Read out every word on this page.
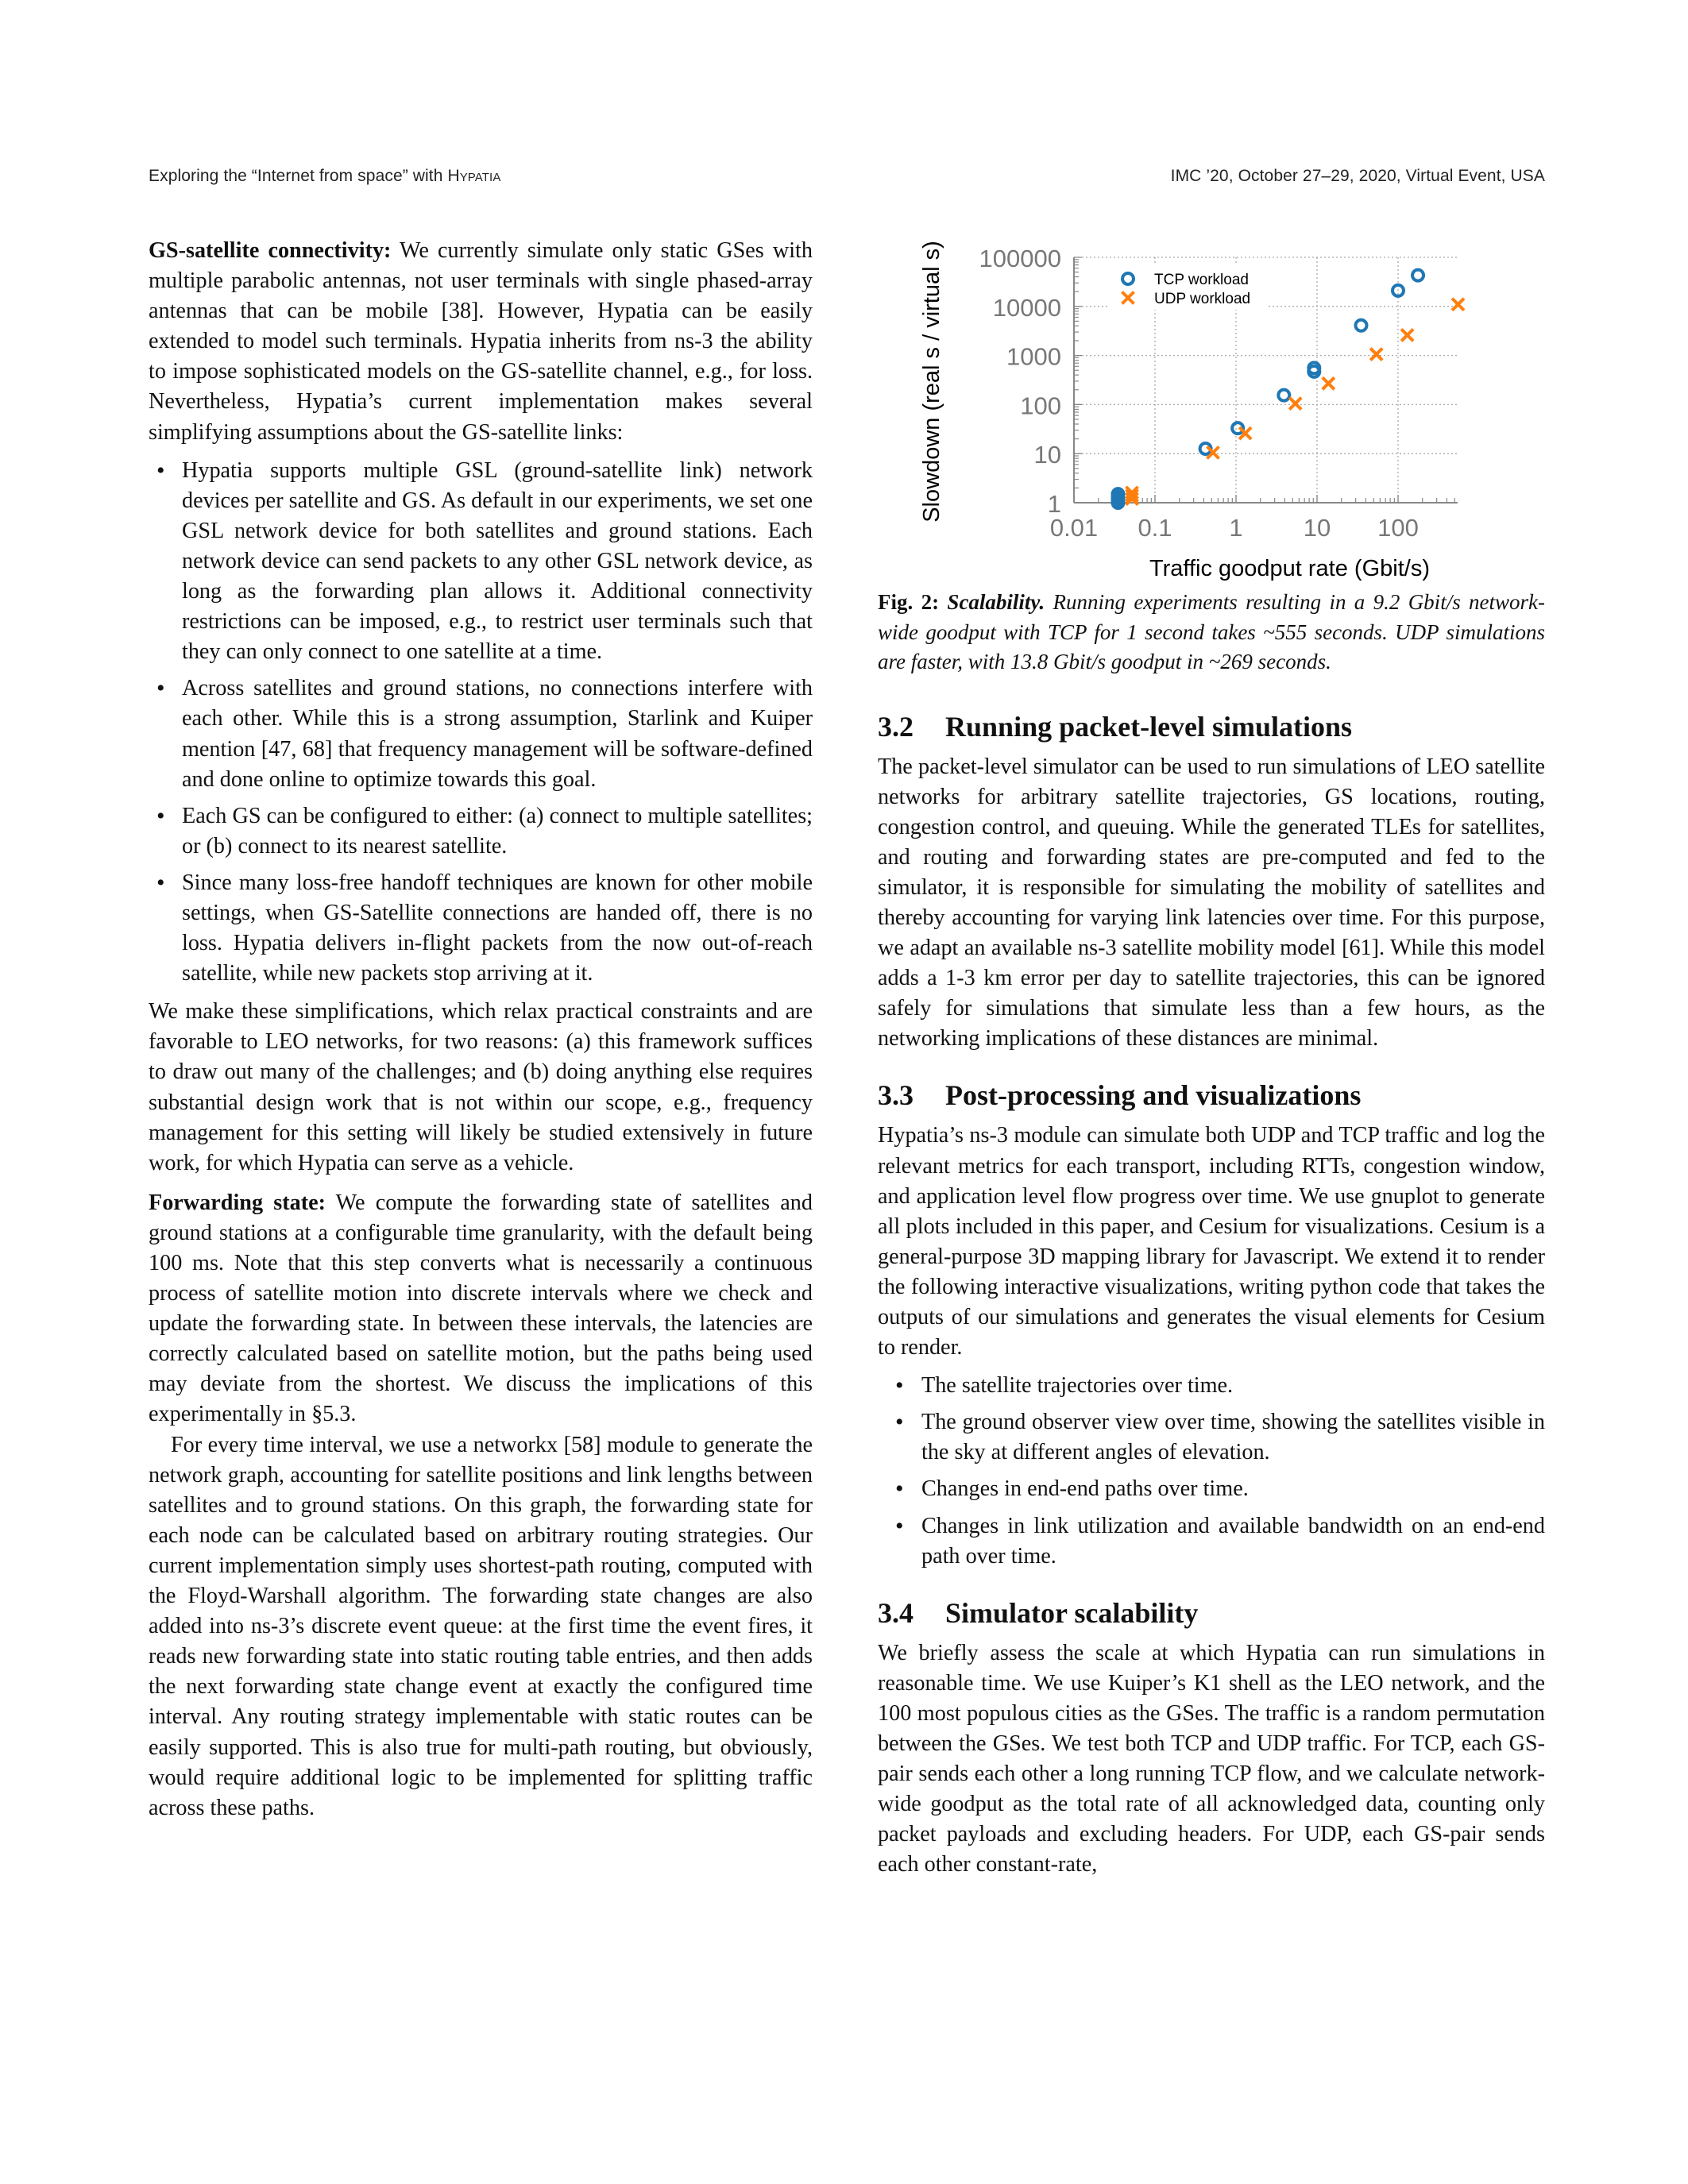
Exploring the “Internet from space” with Hypatia	IMC ’20, October 27–29, 2020, Virtual Event, USA

GS-satellite connectivity: We currently simulate only static GSes with multiple parabolic antennas, not user terminals with single phased-array antennas that can be mobile [38]. However, Hypatia can be easily extended to model such terminals. Hypatia inherits from ns-3 the ability to impose sophisticated models on the GS-satellite channel, e.g., for loss. Nevertheless, Hypatia’s current implementation makes several simplifying assumptions about the GS-satellite links:

• Hypatia supports multiple GSL (ground-satellite link) network devices per satellite and GS. As default in our experiments, we set one GSL network device for both satellites and ground stations. Each network device can send packets to any other GSL network device, as long as the forwarding plan allows it. Additional connectivity restrictions can be imposed, e.g., to restrict user terminals such that they can only connect to one satellite at a time.
• Across satellites and ground stations, no connections interfere with each other. While this is a strong assumption, Starlink and Kuiper mention [47, 68] that frequency management will be software-defined and done online to optimize towards this goal.
• Each GS can be configured to either: (a) connect to multiple satellites; or (b) connect to its nearest satellite.
• Since many loss-free handoff techniques are known for other mobile settings, when GS-Satellite connections are handed off, there is no loss. Hypatia delivers in-flight packets from the now out-of-reach satellite, while new packets stop arriving at it.

We make these simplifications, which relax practical constraints and are favorable to LEO networks, for two reasons: (a) this framework suffices to draw out many of the challenges; and (b) doing anything else requires substantial design work that is not within our scope, e.g., frequency management for this setting will likely be studied extensively in future work, for which Hypatia can serve as a vehicle.

Forwarding state: We compute the forwarding state of satellites and ground stations at a configurable time granularity, with the default being 100 ms. Note that this step converts what is necessarily a continuous process of satellite motion into discrete intervals where we check and update the forwarding state. In between these intervals, the latencies are correctly calculated based on satellite motion, but the paths being used may deviate from the shortest. We discuss the implications of this experimentally in §5.3.

For every time interval, we use a networkx [58] module to generate the network graph, accounting for satellite positions and link lengths between satellites and to ground stations. On this graph, the forwarding state for each node can be calculated based on arbitrary routing strategies. Our current implementation simply uses shortest-path routing, computed with the Floyd-Warshall algorithm. The forwarding state changes are also added into ns-3’s discrete event queue: at the first time the event fires, it reads new forwarding state into static routing table entries, and then adds the next forwarding state change event at exactly the configured time interval. Any routing strategy implementable with static routes can be easily supported. This is also true for multi-path routing, but obviously, would require additional logic to be implemented for splitting traffic across these paths.

1
10
100
1000
10000
100000
0.01 0.1 1 10 100
Traffic goodput rate (Gbit/s)
Slowdown (real s / virtual s)	TCP workload
UDP workload

Fig. 2: Scalability. Running experiments resulting in a 9.2 Gbit/s network-wide goodput with TCP for 1 second takes ~555 seconds. UDP simulations are faster, with 13.8 Gbit/s goodput in ~269 seconds.

3.2 Running packet-level simulations

The packet-level simulator can be used to run simulations of LEO satellite networks for arbitrary satellite trajectories, GS locations, routing, congestion control, and queuing. While the generated TLEs for satellites, and routing and forwarding states are pre-computed and fed to the simulator, it is responsible for simulating the mobility of satellites and thereby accounting for varying link latencies over time. For this purpose, we adapt an available ns-3 satellite mobility model [61]. While this model adds a 1-3 km error per day to satellite trajectories, this can be ignored safely for simulations that simulate less than a few hours, as the networking implications of these distances are minimal.

3.3 Post-processing and visualizations

Hypatia’s ns-3 module can simulate both UDP and TCP traffic and log the relevant metrics for each transport, including RTTs, congestion window, and application level flow progress over time. We use gnuplot to generate all plots included in this paper, and Cesium for visualizations. Cesium is a general-purpose 3D mapping library for Javascript. We extend it to render the following interactive visualizations, writing python code that takes the outputs of our simulations and generates the visual elements for Cesium to render.

• The satellite trajectories over time.
• The ground observer view over time, showing the satellites visible in the sky at different angles of elevation.
• Changes in end-end paths over time.
• Changes in link utilization and available bandwidth on an end-end path over time.
3.4 Simulator scalability

We briefly assess the scale at which Hypatia can run simulations in reasonable time. We use Kuiper’s K1 shell as the LEO network, and the 100 most populous cities as the GSes. The traffic is a random permutation between the GSes. We test both TCP and UDP traffic. For TCP, each GS-pair sends each other a long running TCP flow, and we calculate network-wide goodput as the total rate of all acknowledged data, counting only packet payloads and excluding headers. For UDP, each GS-pair sends each other constant-rate,
